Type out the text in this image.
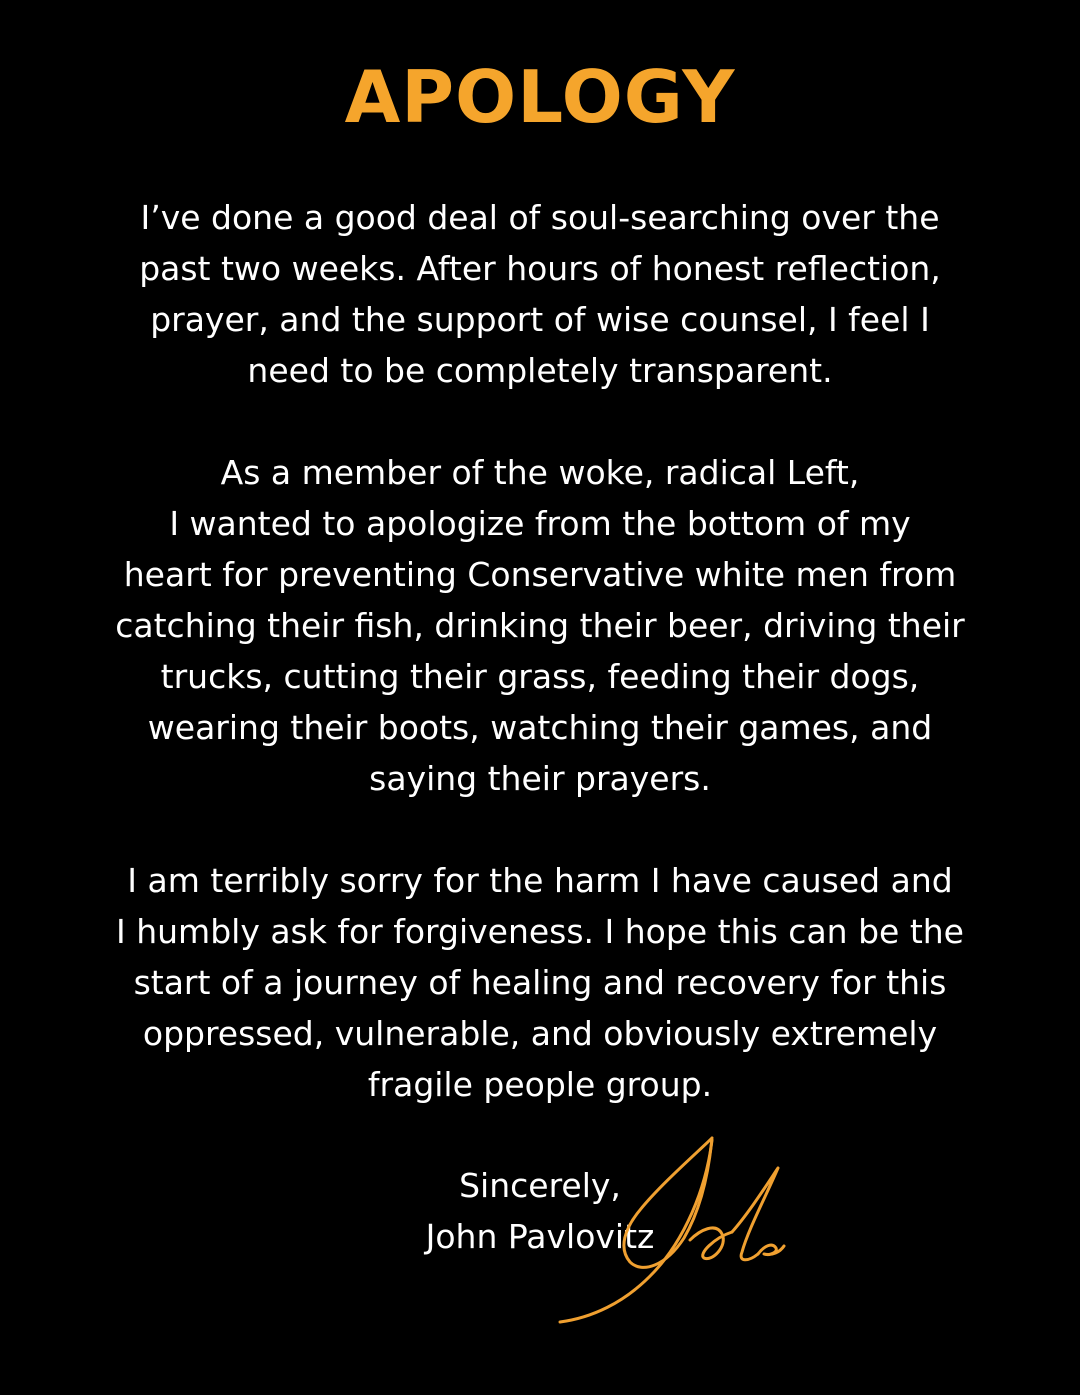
APOLOGY

I’ve done a good deal of soul-searching over the
past two weeks. After hours of honest reflection,
prayer, and the support of wise counsel, I feel I
need to be completely transparent.

As a member of the woke, radical Left,
I wanted to apologize from the bottom of my
heart for preventing Conservative white men from
catching their fish, drinking their beer, driving their
trucks, cutting their grass, feeding their dogs,
wearing their boots, watching their games, and
saying their prayers.

I am terribly sorry for the harm I have caused and
I humbly ask for forgiveness. I hope this can be the
start of a journey of healing and recovery for this
oppressed, vulnerable, and obviously extremely
fragile people group.

Sincerely,
John Pavlovitz
